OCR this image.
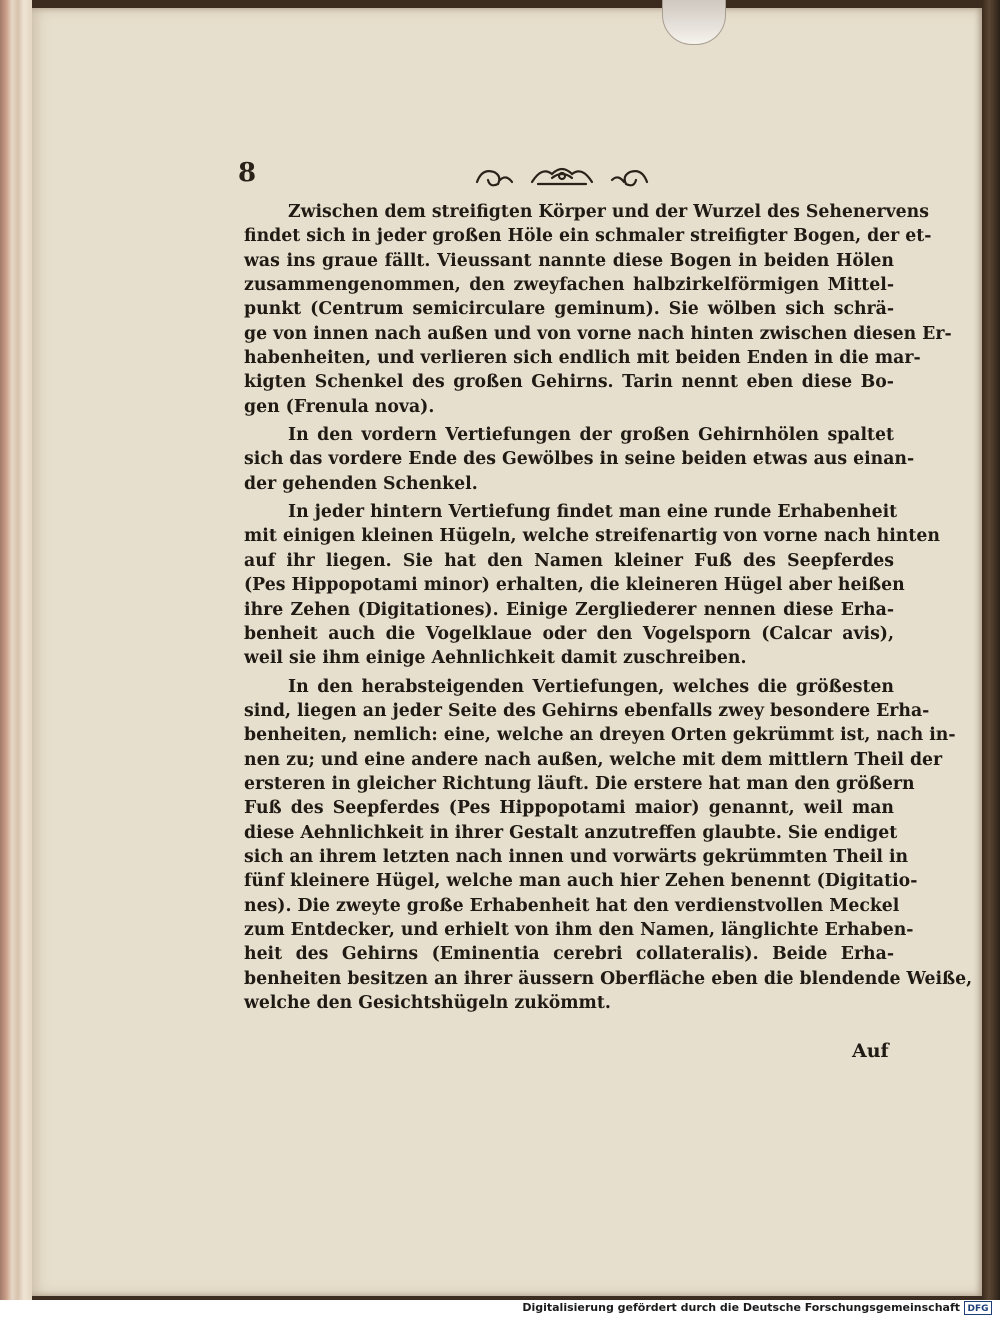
8
Zwischen dem streifigten Körper und der Wurzel des Sehenervens
findet sich in jeder großen Höle ein schmaler streifigter Bogen, der et-
was ins graue fällt. Vieussant nannte diese Bogen in beiden Hölen
zusammengenommen, den zweyfachen halbzirkelförmigen Mittel-
punkt (Centrum semicirculare geminum). Sie wölben sich schrä-
ge von innen nach außen und von vorne nach hinten zwischen diesen Er-
habenheiten, und verlieren sich endlich mit beiden Enden in die mar-
kigten Schenkel des großen Gehirns. Tarin nennt eben diese Bo-
gen (Frenula nova).
In den vordern Vertiefungen der großen Gehirnhölen spaltet
sich das vordere Ende des Gewölbes in seine beiden etwas aus einan-
der gehenden Schenkel.
In jeder hintern Vertiefung findet man eine runde Erhabenheit
mit einigen kleinen Hügeln, welche streifenartig von vorne nach hinten
auf ihr liegen. Sie hat den Namen kleiner Fuß des Seepferdes
(Pes Hippopotami minor) erhalten, die kleineren Hügel aber heißen
ihre Zehen (Digitationes). Einige Zergliederer nennen diese Erha-
benheit auch die Vogelklaue oder den Vogelsporn (Calcar avis),
weil sie ihm einige Aehnlichkeit damit zuschreiben.
In den herabsteigenden Vertiefungen, welches die größesten
sind, liegen an jeder Seite des Gehirns ebenfalls zwey besondere Erha-
benheiten, nemlich: eine, welche an dreyen Orten gekrümmt ist, nach in-
nen zu; und eine andere nach außen, welche mit dem mittlern Theil der
ersteren in gleicher Richtung läuft. Die erstere hat man den größern
Fuß des Seepferdes (Pes Hippopotami maior) genannt, weil man
diese Aehnlichkeit in ihrer Gestalt anzutreffen glaubte. Sie endiget
sich an ihrem letzten nach innen und vorwärts gekrümmten Theil in
fünf kleinere Hügel, welche man auch hier Zehen benennt (Digitatio-
nes). Die zweyte große Erhabenheit hat den verdienstvollen Meckel
zum Entdecker, und erhielt von ihm den Namen, länglichte Erhaben-
heit des Gehirns (Eminentia cerebri collateralis). Beide Erha-
benheiten besitzen an ihrer äussern Oberfläche eben die blendende Weiße,
welche den Gesichtshügeln zukömmt.
Auf
Digitalisierung gefördert durch die Deutsche Forschungsgemeinschaft DFG
